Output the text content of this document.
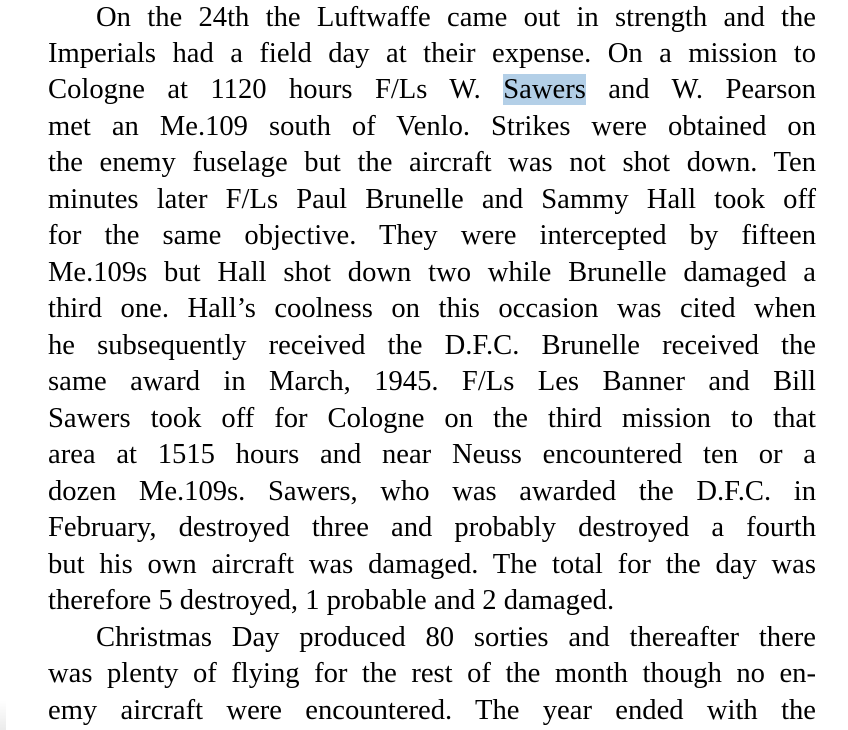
On the 24th the Luftwaffe came out in strength and the
Imperials had a field day at their expense. On a mission to
Cologne at 1120 hours F/Ls W. Sawers and W. Pearson
met an Me.109 south of Venlo. Strikes were obtained on
the enemy fuselage but the aircraft was not shot down. Ten
minutes later F/Ls Paul Brunelle and Sammy Hall took off
for the same objective. They were intercepted by fifteen
Me.109s but Hall shot down two while Brunelle damaged a
third one. Hall’s coolness on this occasion was cited when
he subsequently received the D.F.C. Brunelle received the
same award in March, 1945. F/Ls Les Banner and Bill
Sawers took off for Cologne on the third mission to that
area at 1515 hours and near Neuss encountered ten or a
dozen Me.109s. Sawers, who was awarded the D.F.C. in
February, destroyed three and probably destroyed a fourth
but his own aircraft was damaged. The total for the day was
therefore 5 destroyed, 1 probable and 2 damaged.
Christmas Day produced 80 sorties and thereafter there
was plenty of flying for the rest of the month though no en-
emy aircraft were encountered. The year ended with the
